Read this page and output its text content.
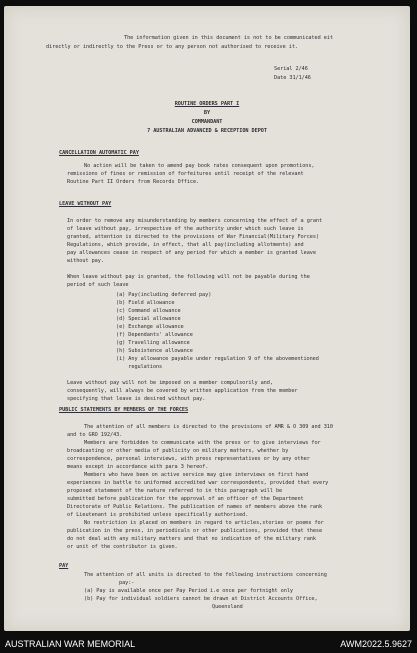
The information given in this document is not to be communicated eit
directly or indirectly to the Press or to any person not authorised to receive it.
Serial 2/46
Date 31/1/46
ROUTINE ORDERS PART I
BY
COMMANDANT
7 AUSTRALIAN ADVANCED & RECEPTION DEPOT
CANCELLATION AUTOMATIC PAY
No action will be taken to amend pay book rates consequent upon promotions,
remissions of fines or remission of forfeitures until receipt of the relevant
Routine Part II Orders from Records Office.
LEAVE WITHOUT PAY
In order to remove any misunderstanding by members concerning the effect of a grant
of leave without pay, irrespective of the authority under which such leave is
granted, attention is directed to the provisions of War Financial(Military Forces)
Regulations, which provide, in effect, that all pay(including allotments) and
pay allowances cease in respect of any period for which a member is granted leave
without pay.
When leave without pay is granted, the following will not be payable during the
period of such leave
(a) Pay(including deferred pay)
(b) Field allowance
(c) Command allowance
(d) Special allowance
(e) Exchange allowance
(f) Dependants' allowance
(g) Travelling allowance
(h) Subsistence allowance
(i) Any allowance payable under regulation 9 of the abovementioned
regulations
Leave without pay will not be imposed on a member compulsorily and,
consequently, will always be covered by written application from the member
specifying that leave is desired without pay.
PUBLIC STATEMENTS BY MEMBERS OF THE FORCES
The attention of all members is directed to the provisions of AMR & O 309 and 310
and to GRO 192/43.
Members are forbidden to communicate with the press or to give interviews for
broadcasting or other media of publicity on military matters, whether by
correspondence, personal interviews, with press representatives or by any other
means except in accordance with para 3 hereof.
Members who have been on active service may give interviews on first hand
experiences in battle to uniformed accredited war correspondents, provided that every
proposed statement of the nature referred to in this paragraph will be
submitted before publication for the approval of an officer of the Department
Directorate of Public Relations. The publication of names of members above the rank
of Lieutenant is prohibited unless specifically authorised.
No restriction is placed on members in regard to articles,stories or poems for
publication in the press, in periodicals or other publications, provided that these
do not deal with any military matters and that no indication of the military rank
or unit of the contributor is given.
PAY
The attention of all units is directed to the following instructions concerning
pay:-
(a) Pay is available once per Pay Period i.e once per fortnight only
(b) Pay for individual soldiers cannot be drawn at District Accounts Office,
Queensland
AUSTRALIAN WAR MEMORIAL	AWM2022.5.9627
